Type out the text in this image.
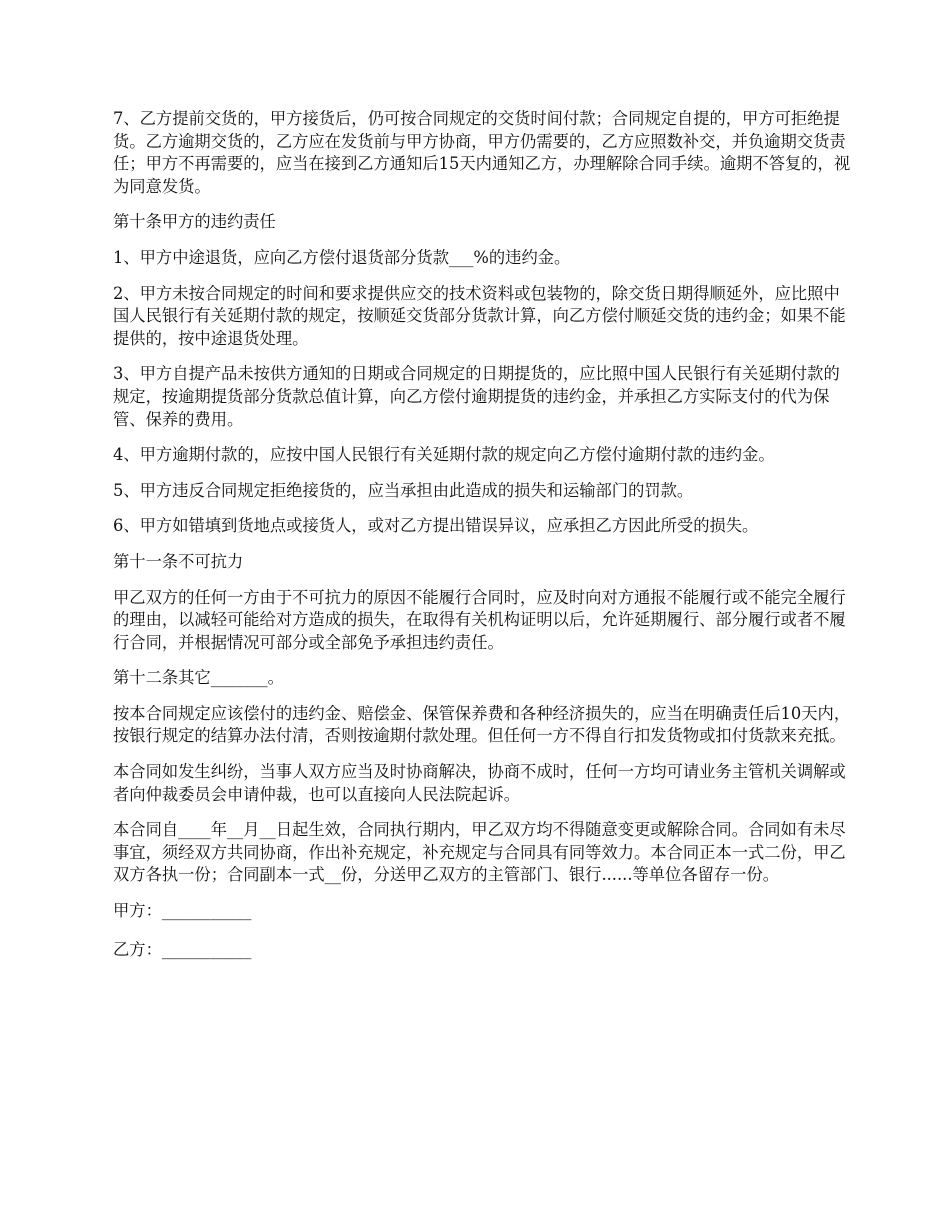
7、乙方提前交货的，甲方接货后，仍可按合同规定的交货时间付款；合同规定自提的，甲方可拒绝提货。乙方逾期交货的，乙方应在发货前与甲方协商，甲方仍需要的，乙方应照数补交，并负逾期交货责任；甲方不再需要的，应当在接到乙方通知后15天内通知乙方，办理解除合同手续。逾期不答复的，视为同意发货。

第十条甲方的违约责任

1、甲方中途退货，应向乙方偿付退货部分货款___%的违约金。

2、甲方未按合同规定的时间和要求提供应交的技术资料或包装物的，除交货日期得顺延外，应比照中国人民银行有关延期付款的规定，按顺延交货部分货款计算，向乙方偿付顺延交货的违约金；如果不能提供的，按中途退货处理。

3、甲方自提产品未按供方通知的日期或合同规定的日期提货的，应比照中国人民银行有关延期付款的规定，按逾期提货部分货款总值计算，向乙方偿付逾期提货的违约金，并承担乙方实际支付的代为保管、保养的费用。

4、甲方逾期付款的，应按中国人民银行有关延期付款的规定向乙方偿付逾期付款的违约金。

5、甲方违反合同规定拒绝接货的，应当承担由此造成的损失和运输部门的罚款。

6、甲方如错填到货地点或接货人，或对乙方提出错误异议，应承担乙方因此所受的损失。

第十一条不可抗力

甲乙双方的任何一方由于不可抗力的原因不能履行合同时，应及时向对方通报不能履行或不能完全履行的理由，以减轻可能给对方造成的损失，在取得有关机构证明以后，允许延期履行、部分履行或者不履行合同，并根据情况可部分或全部免予承担违约责任。

第十二条其它_______。

按本合同规定应该偿付的违约金、赔偿金、保管保养费和各种经济损失的，应当在明确责任后10天内，按银行规定的结算办法付清，否则按逾期付款处理。但任何一方不得自行扣发货物或扣付货款来充抵。

本合同如发生纠纷，当事人双方应当及时协商解决，协商不成时，任何一方均可请业务主管机关调解或者向仲裁委员会申请仲裁，也可以直接向人民法院起诉。

本合同自____年__月__日起生效，合同执行期内，甲乙双方均不得随意变更或解除合同。合同如有未尽事宜，须经双方共同协商，作出补充规定，补充规定与合同具有同等效力。本合同正本一式二份，甲乙双方各执一份；合同副本一式__份，分送甲乙双方的主管部门、银行......等单位各留存一份。

甲方：___________

乙方：___________
